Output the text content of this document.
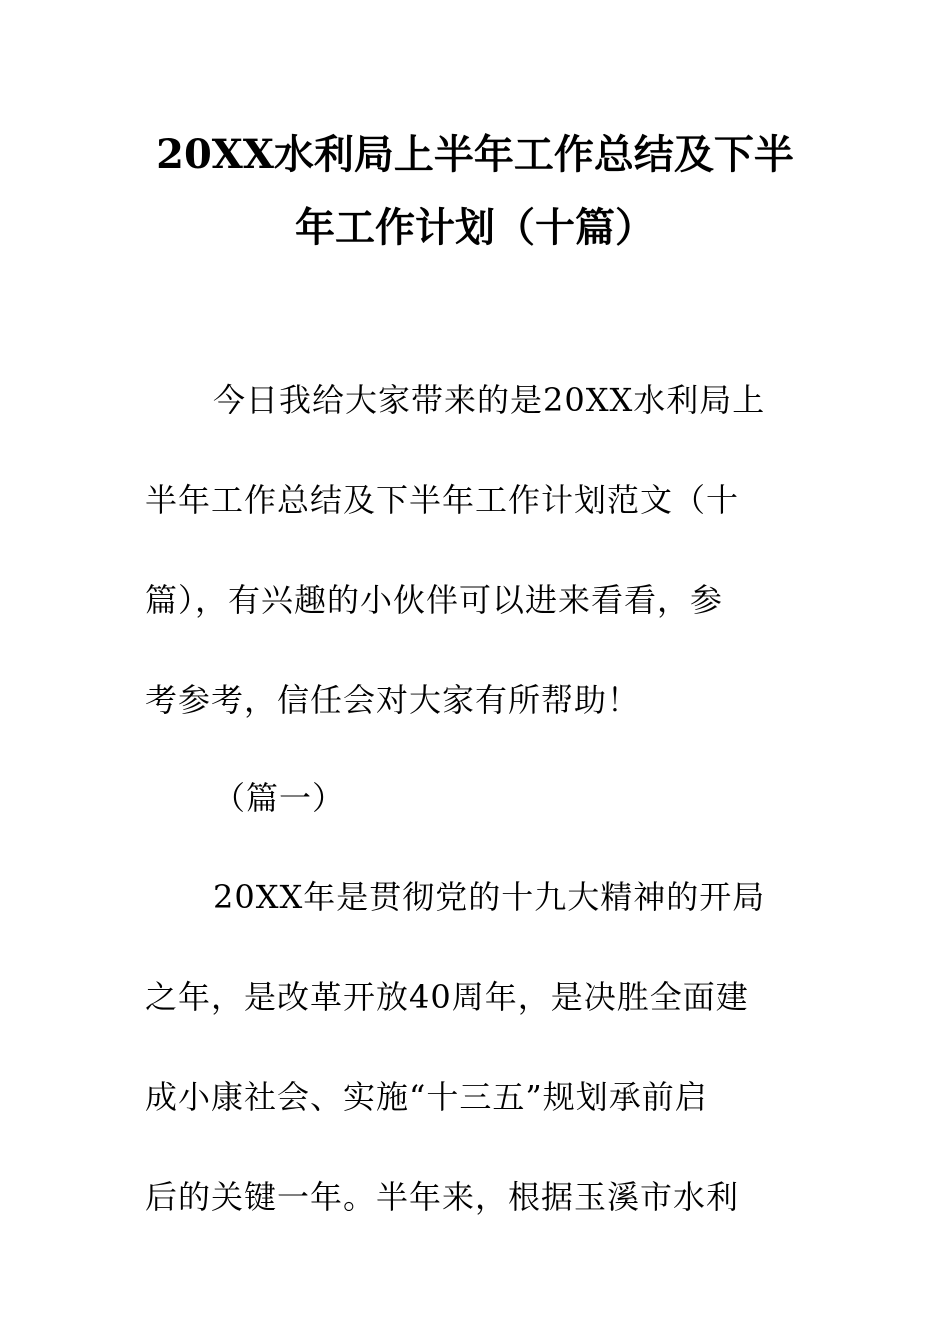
20XX水利局上半年工作总结及下半
年工作计划（十篇）

今日我给大家带来的是20XX水利局上

半年工作总结及下半年工作计划范文（十

篇），有兴趣的小伙伴可以进来看看，参

考参考，信任会对大家有所帮助！

（篇一）

20XX年是贯彻党的十九大精神的开局

之年，是改革开放40周年，是决胜全面建

成小康社会、实施“十三五”规划承前启

后的关键一年。半年来，根据玉溪市水利
